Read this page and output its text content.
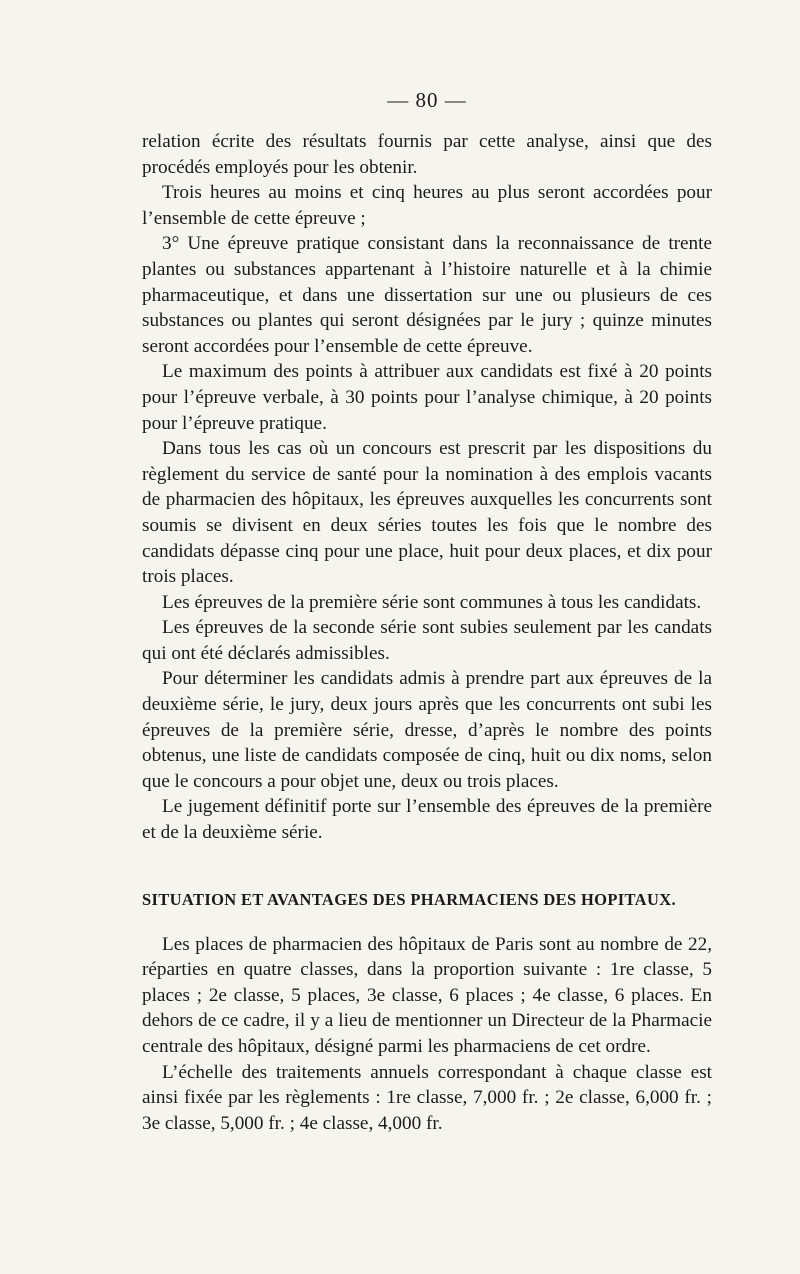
— 80 —

relation écrite des résultats fournis par cette analyse, ainsi que des procédés employés pour les obtenir.

Trois heures au moins et cinq heures au plus seront accordées pour l’ensemble de cette épreuve ;

3° Une épreuve pratique consistant dans la reconnaissance de trente plantes ou substances appartenant à l’histoire naturelle et à la chimie pharmaceutique, et dans une dissertation sur une ou plusieurs de ces substances ou plantes qui seront désignées par le jury ; quinze minutes seront accordées pour l’ensemble de cette épreuve.

Le maximum des points à attribuer aux candidats est fixé à 20 points pour l’épreuve verbale, à 30 points pour l’analyse chimique, à 20 points pour l’épreuve pratique.

Dans tous les cas où un concours est prescrit par les dispositions du règlement du service de santé pour la nomination à des emplois vacants de pharmacien des hôpitaux, les épreuves auxquelles les concurrents sont soumis se divisent en deux séries toutes les fois que le nombre des candidats dépasse cinq pour une place, huit pour deux places, et dix pour trois places.

Les épreuves de la première série sont communes à tous les candidats.

Les épreuves de la seconde série sont subies seulement par les candats qui ont été déclarés admissibles.

Pour déterminer les candidats admis à prendre part aux épreuves de la deuxième série, le jury, deux jours après que les concurrents ont subi les épreuves de la première série, dresse, d’après le nombre des points obtenus, une liste de candidats composée de cinq, huit ou dix noms, selon que le concours a pour objet une, deux ou trois places.

Le jugement définitif porte sur l’ensemble des épreuves de la première et de la deuxième série.

SITUATION ET AVANTAGES DES PHARMACIENS DES HOPITAUX.

Les places de pharmacien des hôpitaux de Paris sont au nombre de 22, réparties en quatre classes, dans la proportion suivante : 1re classe, 5 places ; 2e classe, 5 places, 3e classe, 6 places ; 4e classe, 6 places. En dehors de ce cadre, il y a lieu de mentionner un Directeur de la Pharmacie centrale des hôpitaux, désigné parmi les pharmaciens de cet ordre.

L’échelle des traitements annuels correspondant à chaque classe est ainsi fixée par les règlements : 1re classe, 7,000 fr. ; 2e classe, 6,000 fr. ; 3e classe, 5,000 fr. ; 4e classe, 4,000 fr.
